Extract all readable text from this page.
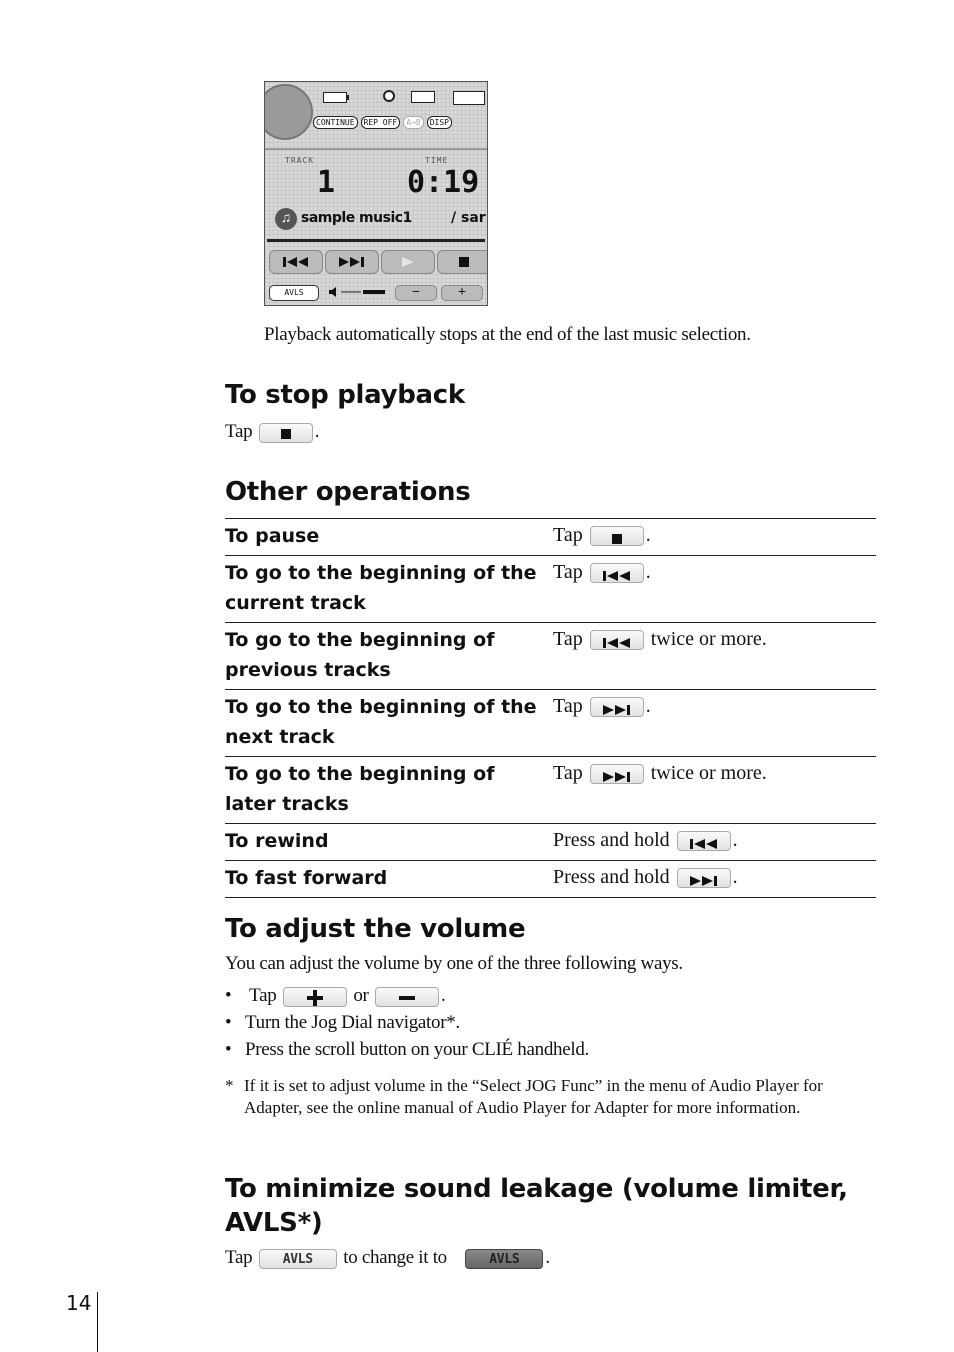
CONTINUE	REP OFF	A→B	DISP
TRACK
1
TIME
0:19
♫ sample music1	/ sar
AVLS	−	+
Playback automatically stops at the end of the last music selection.
To stop playback
Tap	.
Other operations
To pause	Tap .
To go to the beginning of the current track	Tap .
To go to the beginning of previous tracks	Tap twice or more.
To go to the beginning of the next track	Tap .
To go to the beginning of later tracks	Tap twice or more.
To rewind	Press and hold .
To fast forward	Press and hold .
To adjust the volume
You can adjust the volume by one of the three following ways.
• Tap	or	.
• Turn the Jog Dial navigator*.
• Press the scroll button on your CLIÉ handheld.
* If it is set to adjust volume in the “Select JOG Func” in the menu of Audio Player for Adapter, see the online manual of Audio Player for Adapter for more information.
To minimize sound leakage (volume limiter,
AVLS*)
Tap AVLS to change it to	AVLS .
14
